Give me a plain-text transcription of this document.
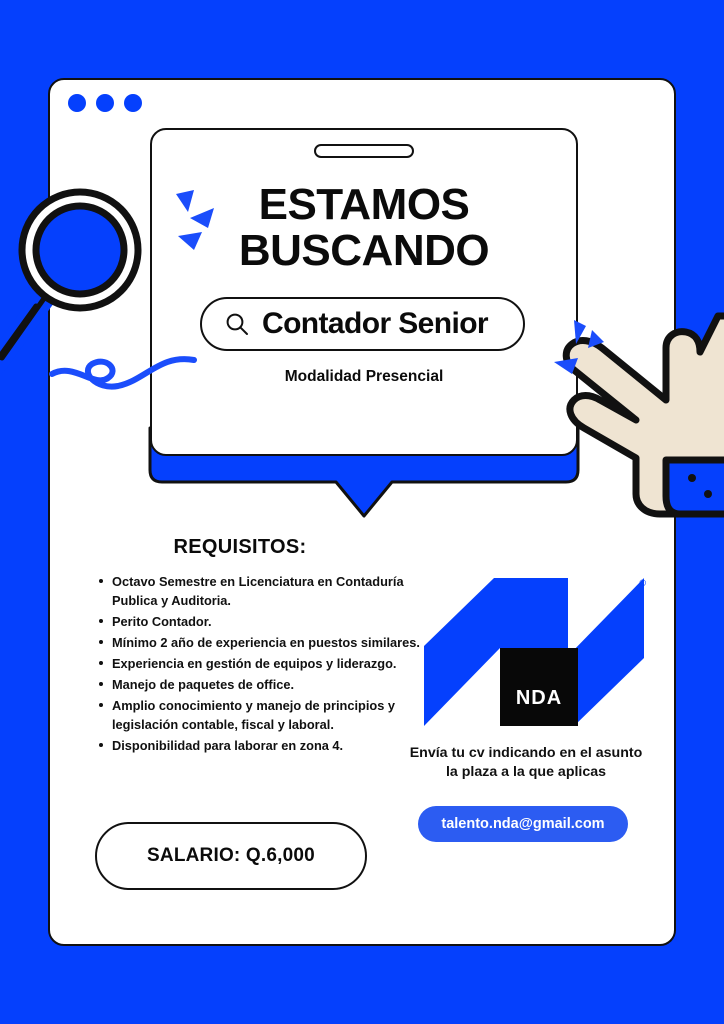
ESTAMOS
BUSCANDO
Contador Senior
Modalidad Presencial
REQUISITOS:
Octavo Semestre en Licenciatura en Contaduría Publica y Auditoria.
Perito Contador.
Mínimo 2 año de experiencia en puestos similares.
Experiencia en gestión de equipos y liderazgo.
Manejo de paquetes de office.
Amplio conocimiento y manejo de principios y legislación contable, fiscal y laboral.
Disponibilidad para laborar en zona 4.
SALARIO: Q.6,000
NDA
®
Envía tu cv indicando en el asunto
la plaza a la que aplicas
talento.nda@gmail.com
